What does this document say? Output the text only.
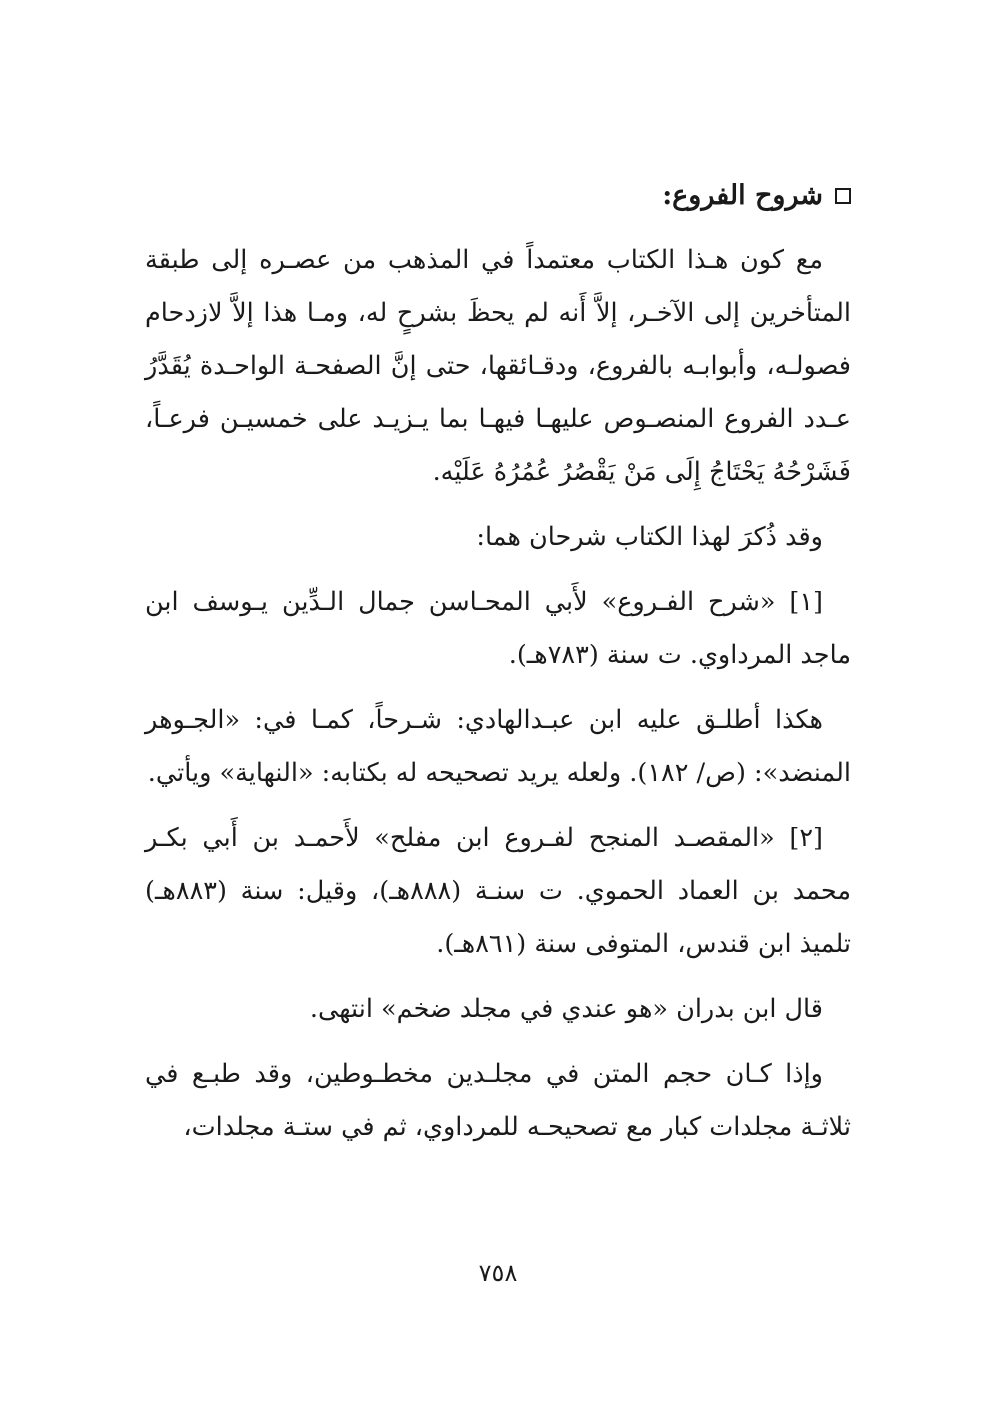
شروح الفروع:

مع كون هـذا الكتاب معتمداً في المذهب من عصـره إلى طبقة المتأخرين إلى الآخـر، إلاَّ أَنه لم يحظَ بشرحٍ له، ومـا هذا إلاَّ لازدحام فصولـه، وأبوابـه بالفروع، ودقـائقها، حتى إنَّ الصفحـة الواحـدة يُقَدَّرُ عـدد الفروع المنصـوص عليهـا فيهـا بما يـزيـد على خمسيـن فرعـاً، فَشَرْحُهُ يَحْتَاجُ إِلَى مَنْ يَقْصُرُ عُمُرُهُ عَلَيْه.

وقد ذُكرَ لهذا الكتاب شرحان هما:

[١] «شرح الفـروع» لأَبي المحـاسن جمال الـدِّين يـوسف ابن ماجد المرداوي. ت سنة (٧٨٣هـ).

هكذا أطلـق عليه ابن عبـدالهادي: شـرحاً، كمـا في: «الجـوهر المنضد»: (ص/ ١٨٢). ولعله يريد تصحيحه له بكتابه: «النهاية» ويأتي.

[٢] «المقصـد المنجح لفـروع ابن مفلح» لأَحمـد بن أَبي بكـر محمد بن العماد الحموي. ت سنـة (٨٨٨هـ)، وقيل: سنة (٨٨٣هـ) تلميذ ابن قندس، المتوفى سنة (٨٦١هـ).

قال ابن بدران «هو عندي في مجلد ضخم» انتهى.

وإذا كـان حجم المتن في مجلـدين مخطـوطين، وقد طبـع في ثلاثـة مجلدات كبار مع تصحيحـه للمرداوي، ثم في ستـة مجلدات،

٧٥٨
